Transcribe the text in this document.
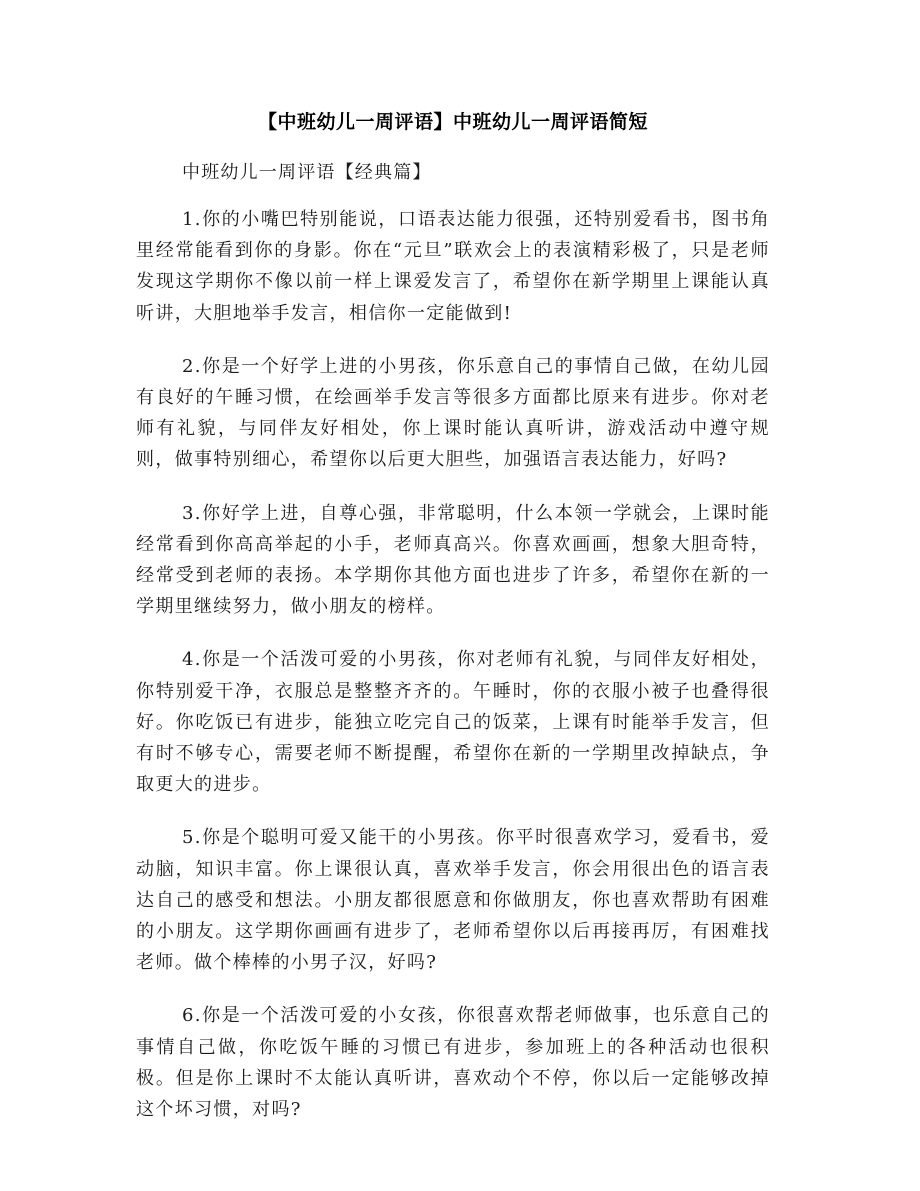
【中班幼儿一周评语】中班幼儿一周评语简短

中班幼儿一周评语【经典篇】

1.你的小嘴巴特别能说，口语表达能力很强，还特别爱看书，图书角里经常能看到你的身影。你在“元旦”联欢会上的表演精彩极了，只是老师发现这学期你不像以前一样上课爱发言了，希望你在新学期里上课能认真听讲，大胆地举手发言，相信你一定能做到!

2.你是一个好学上进的小男孩，你乐意自己的事情自己做，在幼儿园有良好的午睡习惯，在绘画举手发言等很多方面都比原来有进步。你对老师有礼貌，与同伴友好相处，你上课时能认真听讲，游戏活动中遵守规则，做事特别细心，希望你以后更大胆些，加强语言表达能力，好吗?

3.你好学上进，自尊心强，非常聪明，什么本领一学就会，上课时能经常看到你高高举起的小手，老师真高兴。你喜欢画画，想象大胆奇特，经常受到老师的表扬。本学期你其他方面也进步了许多，希望你在新的一学期里继续努力，做小朋友的榜样。

4.你是一个活泼可爱的小男孩，你对老师有礼貌，与同伴友好相处，你特别爱干净，衣服总是整整齐齐的。午睡时，你的衣服小被子也叠得很好。你吃饭已有进步，能独立吃完自己的饭菜，上课有时能举手发言，但有时不够专心，需要老师不断提醒，希望你在新的一学期里改掉缺点，争取更大的进步。

5.你是个聪明可爱又能干的小男孩。你平时很喜欢学习，爱看书，爱动脑，知识丰富。你上课很认真，喜欢举手发言，你会用很出色的语言表达自己的感受和想法。小朋友都很愿意和你做朋友，你也喜欢帮助有困难的小朋友。这学期你画画有进步了，老师希望你以后再接再厉，有困难找老师。做个棒棒的小男子汉，好吗?

6.你是一个活泼可爱的小女孩，你很喜欢帮老师做事，也乐意自己的事情自己做，你吃饭午睡的习惯已有进步，参加班上的各种活动也很积极。但是你上课时不太能认真听讲，喜欢动个不停，你以后一定能够改掉这个坏习惯，对吗?
